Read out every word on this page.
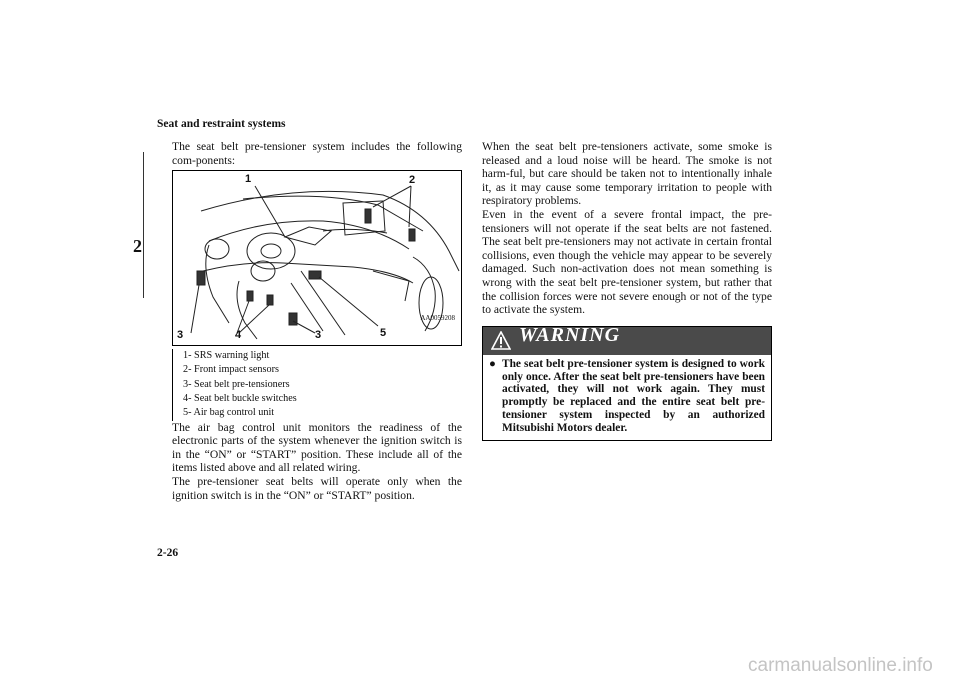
Seat and restraint systems
2

The seat belt pre-tensioner system includes the following com-ponents:

1	2
3	4	3	5
AA0059208
1- SRS warning light
2- Front impact sensors
3- Seat belt pre-tensioners
4- Seat belt buckle switches
5- Air bag control unit

The air bag control unit monitors the readiness of the electronic parts of the system whenever the ignition switch is in the “ON” or “START” position. These include all of the items listed above and all related wiring.

The pre-tensioner seat belts will operate only when the ignition switch is in the “ON” or “START” position.

When the seat belt pre-tensioners activate, some smoke is released and a loud noise will be heard. The smoke is not harm-ful, but care should be taken not to intentionally inhale it, as it may cause some temporary irritation to people with respiratory problems.

Even in the event of a severe frontal impact, the pre-tensioners will not operate if the seat belts are not fastened. The seat belt pre-tensioners may not activate in certain frontal collisions, even though the vehicle may appear to be severely damaged. Such non-activation does not mean something is wrong with the seat belt pre-tensioner system, but rather that the collision forces were not severe enough or not of the type to activate the system.

WARNING
● The seat belt pre-tensioner system is designed to work only once. After the seat belt pre-tensioners have been activated, they will not work again. They must promptly be replaced and the entire seat belt pre-tensioner system inspected by an authorized Mitsubishi Motors dealer.
2-26
carmanualsonline.info
